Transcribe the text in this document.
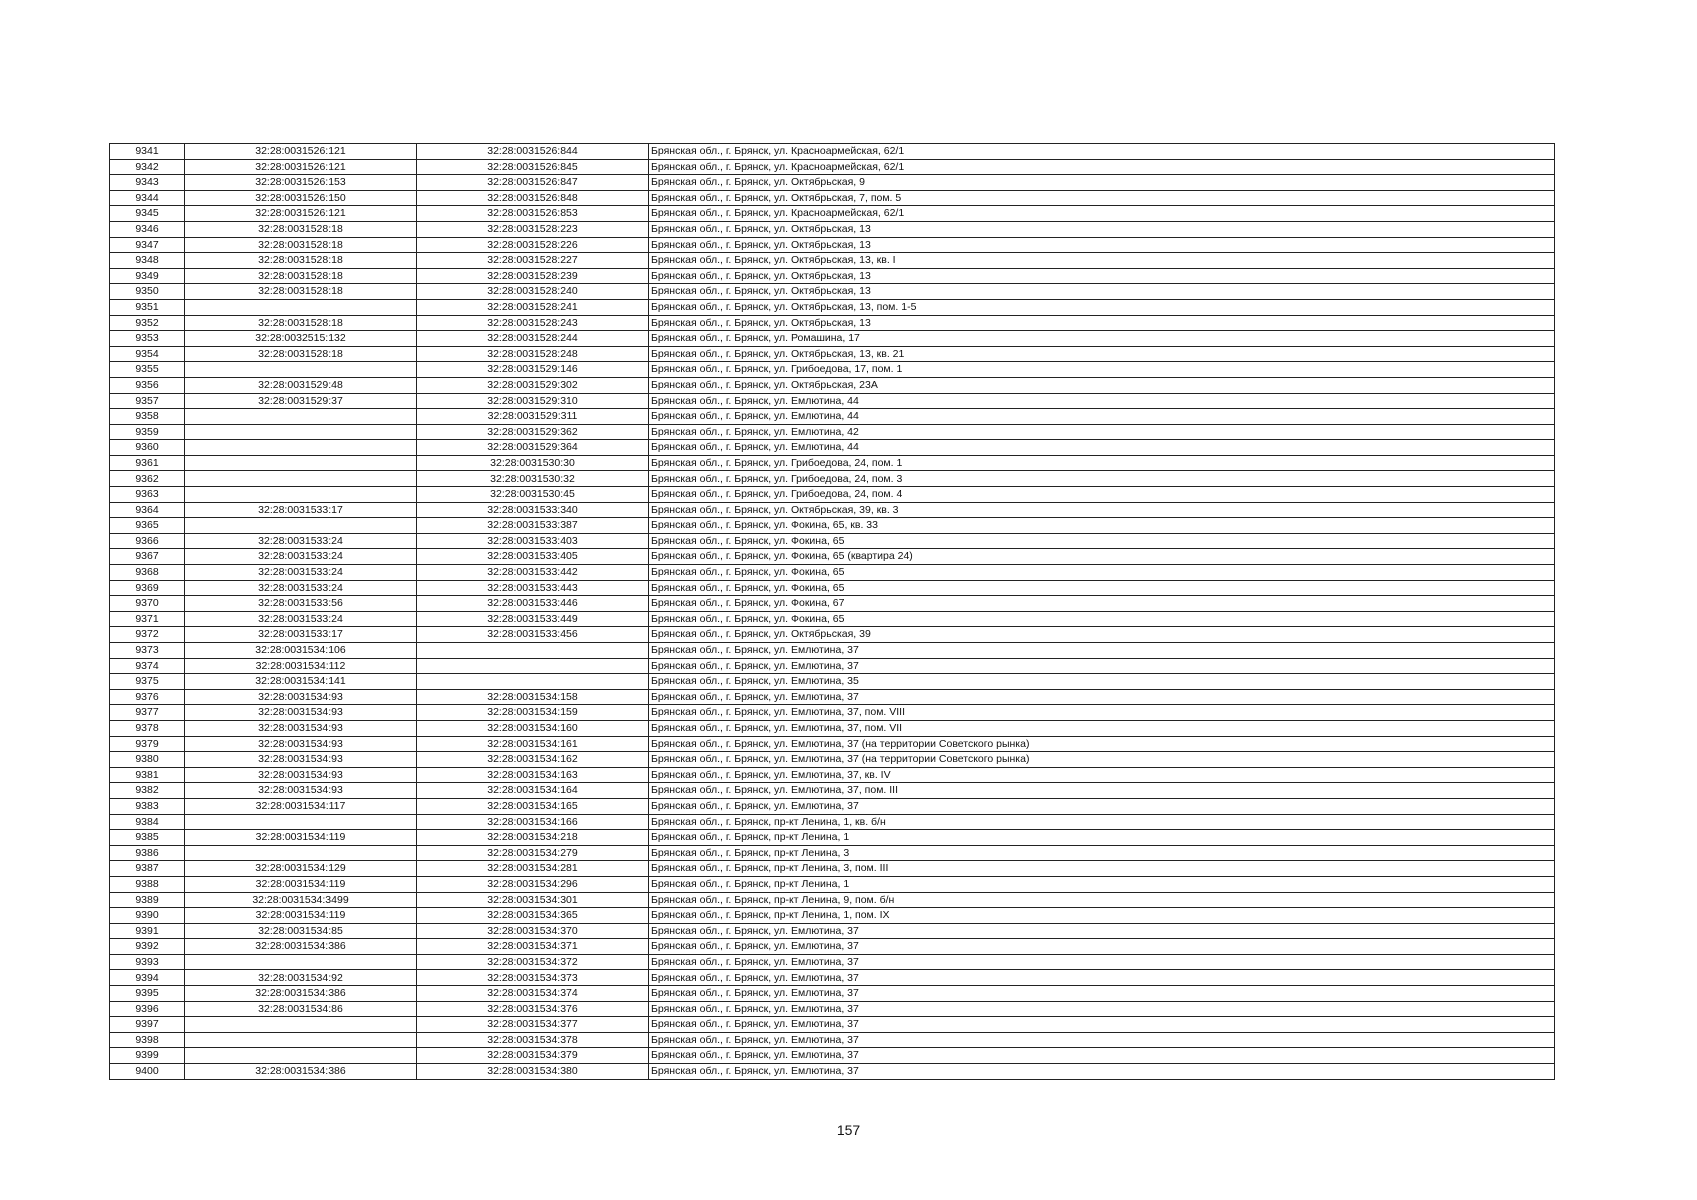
9341	32:28:0031526:121	32:28:0031526:844	Брянская обл., г. Брянск, ул. Красноармейская, 62/1
9342	32:28:0031526:121	32:28:0031526:845	Брянская обл., г. Брянск, ул. Красноармейская, 62/1
9343	32:28:0031526:153	32:28:0031526:847	Брянская обл., г. Брянск, ул. Октябрьская, 9
9344	32:28:0031526:150	32:28:0031526:848	Брянская обл., г. Брянск, ул. Октябрьская, 7, пом. 5
9345	32:28:0031526:121	32:28:0031526:853	Брянская обл., г. Брянск, ул. Красноармейская, 62/1
9346	32:28:0031528:18	32:28:0031528:223	Брянская обл., г. Брянск, ул. Октябрьская, 13
9347	32:28:0031528:18	32:28:0031528:226	Брянская обл., г. Брянск, ул. Октябрьская, 13
9348	32:28:0031528:18	32:28:0031528:227	Брянская обл., г. Брянск, ул. Октябрьская, 13, кв. I
9349	32:28:0031528:18	32:28:0031528:239	Брянская обл., г. Брянск, ул. Октябрьская, 13
9350	32:28:0031528:18	32:28:0031528:240	Брянская обл., г. Брянск, ул. Октябрьская, 13
9351		32:28:0031528:241	Брянская обл., г. Брянск, ул. Октябрьская, 13, пом. 1-5
9352	32:28:0031528:18	32:28:0031528:243	Брянская обл., г. Брянск, ул. Октябрьская, 13
9353	32:28:0032515:132	32:28:0031528:244	Брянская обл., г. Брянск, ул. Ромашина, 17
9354	32:28:0031528:18	32:28:0031528:248	Брянская обл., г. Брянск, ул. Октябрьская, 13, кв. 21
9355		32:28:0031529:146	Брянская обл., г. Брянск, ул. Грибоедова, 17, пом. 1
9356	32:28:0031529:48	32:28:0031529:302	Брянская обл., г. Брянск, ул. Октябрьская, 23А
9357	32:28:0031529:37	32:28:0031529:310	Брянская обл., г. Брянск, ул. Емлютина, 44
9358		32:28:0031529:311	Брянская обл., г. Брянск, ул. Емлютина, 44
9359		32:28:0031529:362	Брянская обл., г. Брянск, ул. Емлютина, 42
9360		32:28:0031529:364	Брянская обл., г. Брянск, ул. Емлютина, 44
9361		32:28:0031530:30	Брянская обл., г. Брянск, ул. Грибоедова, 24, пом. 1
9362		32:28:0031530:32	Брянская обл., г. Брянск, ул. Грибоедова, 24, пом. 3
9363		32:28:0031530:45	Брянская обл., г. Брянск, ул. Грибоедова, 24, пом. 4
9364	32:28:0031533:17	32:28:0031533:340	Брянская обл., г. Брянск, ул. Октябрьская, 39, кв. 3
9365		32:28:0031533:387	Брянская обл., г. Брянск, ул. Фокина, 65, кв. 33
9366	32:28:0031533:24	32:28:0031533:403	Брянская обл., г. Брянск, ул. Фокина, 65
9367	32:28:0031533:24	32:28:0031533:405	Брянская обл., г. Брянск, ул. Фокина, 65 (квартира 24)
9368	32:28:0031533:24	32:28:0031533:442	Брянская обл., г. Брянск, ул. Фокина, 65
9369	32:28:0031533:24	32:28:0031533:443	Брянская обл., г. Брянск, ул. Фокина, 65
9370	32:28:0031533:56	32:28:0031533:446	Брянская обл., г. Брянск, ул. Фокина, 67
9371	32:28:0031533:24	32:28:0031533:449	Брянская обл., г. Брянск, ул. Фокина, 65
9372	32:28:0031533:17	32:28:0031533:456	Брянская обл., г. Брянск, ул. Октябрьская, 39
9373	32:28:0031534:106		Брянская обл., г. Брянск, ул. Емлютина, 37
9374	32:28:0031534:112		Брянская обл., г. Брянск, ул. Емлютина, 37
9375	32:28:0031534:141		Брянская обл., г. Брянск, ул. Емлютина, 35
9376	32:28:0031534:93	32:28:0031534:158	Брянская обл., г. Брянск, ул. Емлютина, 37
9377	32:28:0031534:93	32:28:0031534:159	Брянская обл., г. Брянск, ул. Емлютина, 37, пом. VIII
9378	32:28:0031534:93	32:28:0031534:160	Брянская обл., г. Брянск, ул. Емлютина, 37, пом. VII
9379	32:28:0031534:93	32:28:0031534:161	Брянская обл., г. Брянск, ул. Емлютина, 37 (на территории Советского рынка)
9380	32:28:0031534:93	32:28:0031534:162	Брянская обл., г. Брянск, ул. Емлютина, 37 (на территории Советского рынка)
9381	32:28:0031534:93	32:28:0031534:163	Брянская обл., г. Брянск, ул. Емлютина, 37, кв. IV
9382	32:28:0031534:93	32:28:0031534:164	Брянская обл., г. Брянск, ул. Емлютина, 37, пом. III
9383	32:28:0031534:117	32:28:0031534:165	Брянская обл., г. Брянск, ул. Емлютина, 37
9384		32:28:0031534:166	Брянская обл., г. Брянск, пр-кт Ленина, 1, кв. б/н
9385	32:28:0031534:119	32:28:0031534:218	Брянская обл., г. Брянск, пр-кт Ленина, 1
9386		32:28:0031534:279	Брянская обл., г. Брянск, пр-кт Ленина, 3
9387	32:28:0031534:129	32:28:0031534:281	Брянская обл., г. Брянск, пр-кт Ленина, 3, пом. III
9388	32:28:0031534:119	32:28:0031534:296	Брянская обл., г. Брянск, пр-кт Ленина, 1
9389	32:28:0031534:3499	32:28:0031534:301	Брянская обл., г. Брянск, пр-кт Ленина, 9, пом. б/н
9390	32:28:0031534:119	32:28:0031534:365	Брянская обл., г. Брянск, пр-кт Ленина, 1, пом. IX
9391	32:28:0031534:85	32:28:0031534:370	Брянская обл., г. Брянск, ул. Емлютина, 37
9392	32:28:0031534:386	32:28:0031534:371	Брянская обл., г. Брянск, ул. Емлютина, 37
9393		32:28:0031534:372	Брянская обл., г. Брянск, ул. Емлютина, 37
9394	32:28:0031534:92	32:28:0031534:373	Брянская обл., г. Брянск, ул. Емлютина, 37
9395	32:28:0031534:386	32:28:0031534:374	Брянская обл., г. Брянск, ул. Емлютина, 37
9396	32:28:0031534:86	32:28:0031534:376	Брянская обл., г. Брянск, ул. Емлютина, 37
9397		32:28:0031534:377	Брянская обл., г. Брянск, ул. Емлютина, 37
9398		32:28:0031534:378	Брянская обл., г. Брянск, ул. Емлютина, 37
9399		32:28:0031534:379	Брянская обл., г. Брянск, ул. Емлютина, 37
9400	32:28:0031534:386	32:28:0031534:380	Брянская обл., г. Брянск, ул. Емлютина, 37
157
